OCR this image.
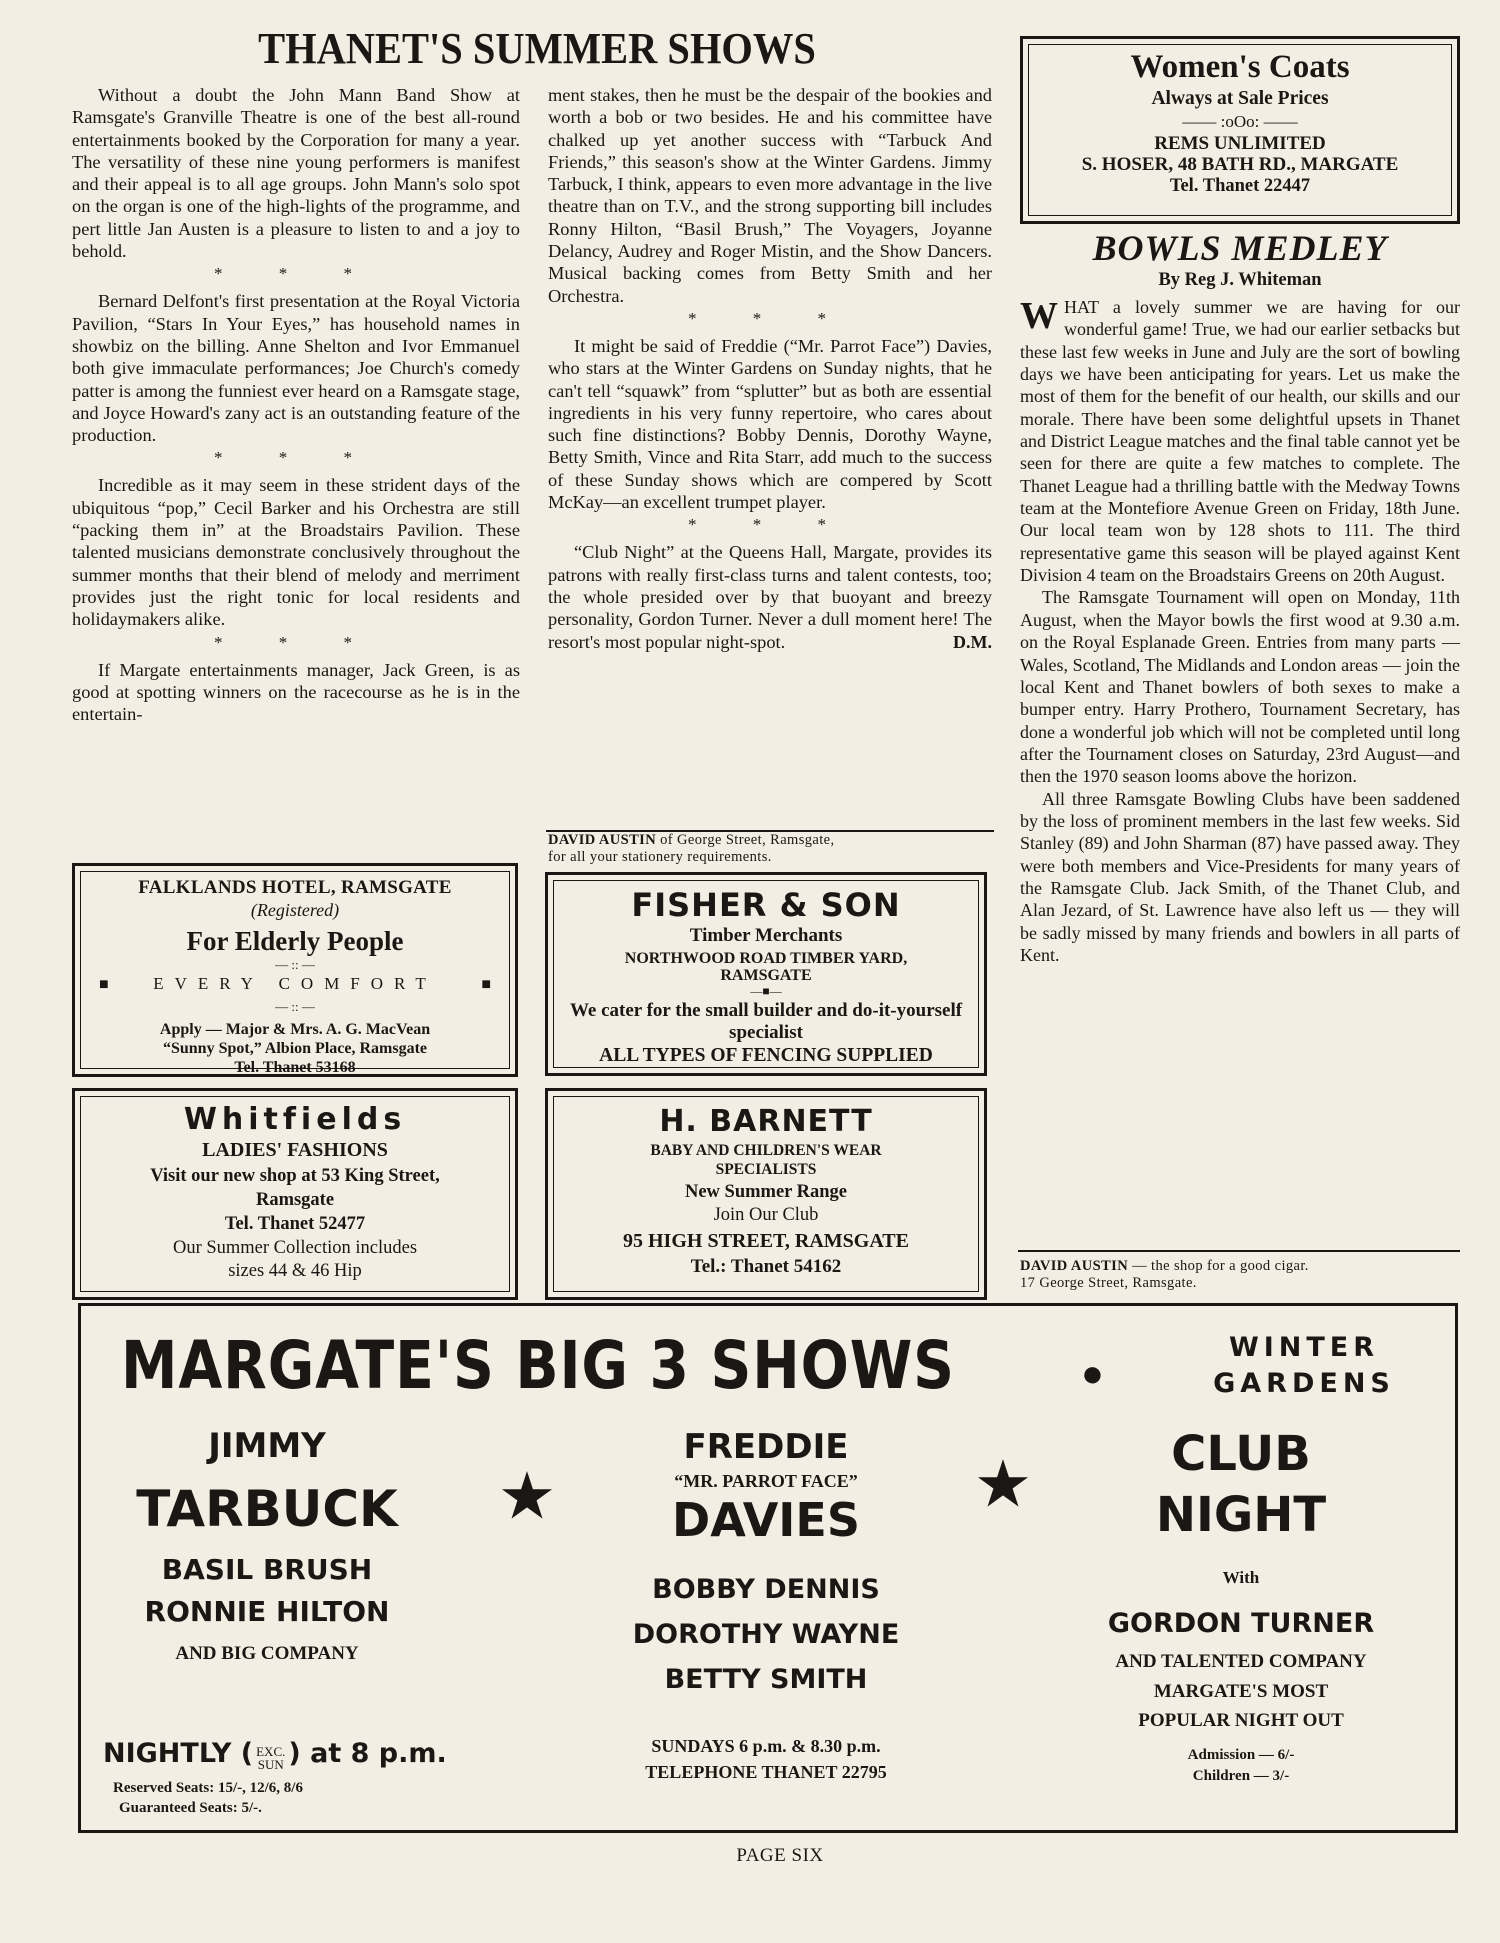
THANET'S SUMMER SHOWS

Without a doubt the John Mann Band Show at Ramsgate's Granville Theatre is one of the best all-round entertainments booked by the Corporation for many a year. The versatility of these nine young performers is manifest and their appeal is to all age groups. John Mann's solo spot on the organ is one of the high-lights of the programme, and pert little Jan Austen is a pleasure to listen to and a joy to behold.

* * *

Bernard Delfont's first presentation at the Royal Victoria Pavilion, “Stars In Your Eyes,” has household names in showbiz on the billing. Anne Shelton and Ivor Emmanuel both give immaculate performances; Joe Church's comedy patter is among the funniest ever heard on a Ramsgate stage, and Joyce Howard's zany act is an outstanding feature of the production.

* * *

Incredible as it may seem in these strident days of the ubiquitous “pop,” Cecil Barker and his Orchestra are still “packing them in” at the Broadstairs Pavilion. These talented musicians demonstrate conclusively throughout the summer months that their blend of melody and merriment provides just the right tonic for local residents and holidaymakers alike.

* * *

If Margate entertainments manager, Jack Green, is as good at spotting winners on the racecourse as he is in the entertain-

ment stakes, then he must be the despair of the bookies and worth a bob or two besides. He and his committee have chalked up yet another success with “Tarbuck And Friends,” this season's show at the Winter Gardens. Jimmy Tarbuck, I think, appears to even more advantage in the live theatre than on T.V., and the strong supporting bill includes Ronny Hilton, “Basil Brush,” The Voyagers, Joyanne Delancy, Audrey and Roger Mistin, and the Show Dancers. Musical backing comes from Betty Smith and her Orchestra.

* * *

It might be said of Freddie (“Mr. Parrot Face”) Davies, who stars at the Winter Gardens on Sunday nights, that he can't tell “squawk” from “splutter” but as both are essential ingredients in his very funny repertoire, who cares about such fine distinctions? Bobby Dennis, Dorothy Wayne, Betty Smith, Vince and Rita Starr, add much to the success of these Sunday shows which are compered by Scott McKay—an excellent trumpet player.

* * *

“Club Night” at the Queens Hall, Margate, provides its patrons with really first-class turns and talent contests, too; the whole presided over by that buoyant and breezy personality, Gordon Turner. Never a dull moment here! The resort's most popular night-spot.	D.M.
DAVID AUSTIN of George Street, Ramsgate,
for all your stationery requirements.
FALKLANDS HOTEL, RAMSGATE
(Registered)
For Elderly People
— :: —
■	EVERY COMFORT	■
— :: —
Apply — Major & Mrs. A. G. MacVean
“Sunny Spot,” Albion Place, Ramsgate
Tel. Thanet 53168
FISHER & SON
Timber Merchants
NORTHWOOD ROAD TIMBER YARD,
RAMSGATE
—■—
We cater for the small builder and do-it-yourself specialist
ALL TYPES OF FENCING SUPPLIED
Whitfields
LADIES' FASHIONS
Visit our new shop at 53 King Street,
Ramsgate
Tel. Thanet 52477
Our Summer Collection includes
sizes 44 & 46 Hip
H. BARNETT
BABY AND CHILDREN'S WEAR
SPECIALISTS
New Summer Range
Join Our Club
95 HIGH STREET, RAMSGATE
Tel.: Thanet 54162
Women's Coats
Always at Sale Prices
—— :oOo: ——
REMS UNLIMITED
S. HOSER, 48 BATH RD., MARGATE
Tel. Thanet 22447
BOWLS MEDLEY
By Reg J. Whiteman

WHAT a lovely summer we are having for our wonderful game! True, we had our earlier setbacks but these last few weeks in June and July are the sort of bowling days we have been anticipating for years. Let us make the most of them for the benefit of our health, our skills and our morale. There have been some delightful upsets in Thanet and District League matches and the final table cannot yet be seen for there are quite a few matches to complete. The Thanet League had a thrilling battle with the Medway Towns team at the Montefiore Avenue Green on Friday, 18th June. Our local team won by 128 shots to 111. The third representative game this season will be played against Kent Division 4 team on the Broadstairs Greens on 20th August.

The Ramsgate Tournament will open on Monday, 11th August, when the Mayor bowls the first wood at 9.30 a.m. on the Royal Esplanade Green. Entries from many parts — Wales, Scotland, The Midlands and London areas — join the local Kent and Thanet bowlers of both sexes to make a bumper entry. Harry Prothero, Tournament Secretary, has done a wonderful job which will not be completed until long after the Tournament closes on Saturday, 23rd August—and then the 1970 season looms above the horizon.

All three Ramsgate Bowling Clubs have been saddened by the loss of prominent members in the last few weeks. Sid Stanley (89) and John Sharman (87) have passed away. They were both members and Vice-Presidents for many years of the Ramsgate Club. Jack Smith, of the Thanet Club, and Alan Jezard, of St. Lawrence have also left us — they will be sadly missed by many friends and bowlers in all parts of Kent.

DAVID AUSTIN — the shop for a good cigar.
17 George Street, Ramsgate.
MARGATE'S BIG 3 SHOWS	●
WINTER
GARDENS
JIMMY
TARBUCK
BASIL BRUSH
RONNIE HILTON
AND BIG COMPANY
NIGHTLY ( EXC.
SUN ) at 8 p.m.
Reserved Seats: 15/-, 12/6, 8/6
Guaranteed Seats: 5/-.
★
FREDDIE
“MR. PARROT FACE”
DAVIES
BOBBY DENNIS
DOROTHY WAYNE
BETTY SMITH
SUNDAYS 6 p.m. & 8.30 p.m.
TELEPHONE THANET 22795
★	CLUB
NIGHT
With
GORDON TURNER
AND TALENTED COMPANY
MARGATE'S MOST
POPULAR NIGHT OUT
Admission — 6/-
Children — 3/-
PAGE SIX
